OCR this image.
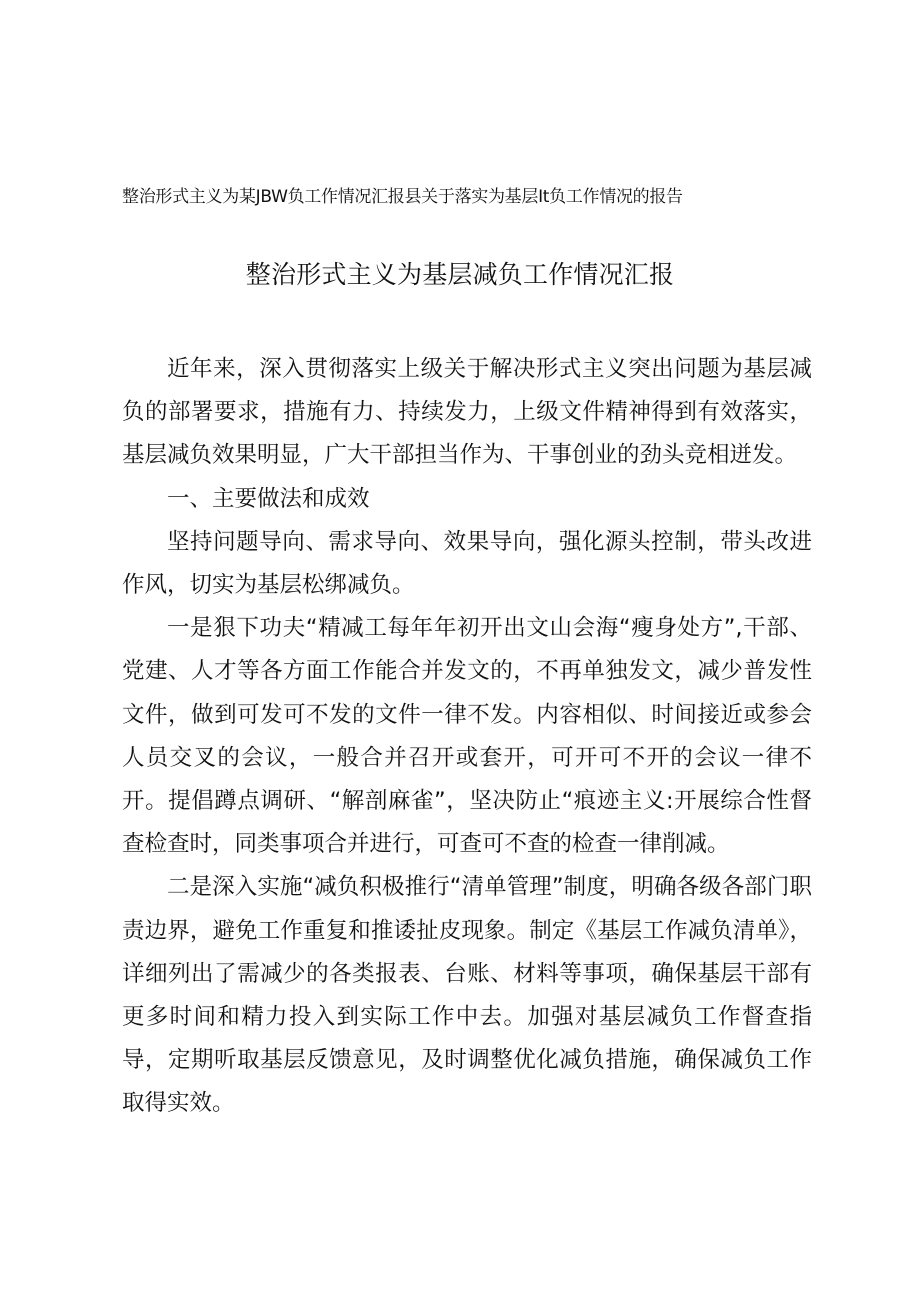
整治形式主义为某JBW负工作情况汇报县关于落实为基层It负工作情况的报告
整治形式主义为基层减负工作情况汇报

近年来，深入贯彻落实上级关于解决形式主义突出问题为基层减负的部署要求，措施有力、持续发力，上级文件精神得到有效落实，基层减负效果明显，广大干部担当作为、干事创业的劲头竞相迸发。

一、主要做法和成效

坚持问题导向、需求导向、效果导向，强化源头控制，带头改进作风，切实为基层松绑减负。

一是狠下功夫“精减工每年年初开出文山会海“瘦身处方”,干部、党建、人才等各方面工作能合并发文的，不再单独发文，减少普发性文件，做到可发可不发的文件一律不发。内容相似、时间接近或参会人员交叉的会议，一般合并召开或套开，可开可不开的会议一律不开。提倡蹲点调研、“解剖麻雀”，坚决防止“痕迹主义:开展综合性督查检查时，同类事项合并进行，可查可不查的检查一律削减。

二是深入实施“减负积极推行“清单管理”制度，明确各级各部门职责边界，避免工作重复和推诿扯皮现象。制定《基层工作减负清单》，详细列出了需减少的各类报表、台账、材料等事项，确保基层干部有更多时间和精力投入到实际工作中去。加强对基层减负工作督查指导，定期听取基层反馈意见，及时调整优化减负措施，确保减负工作取得实效。
